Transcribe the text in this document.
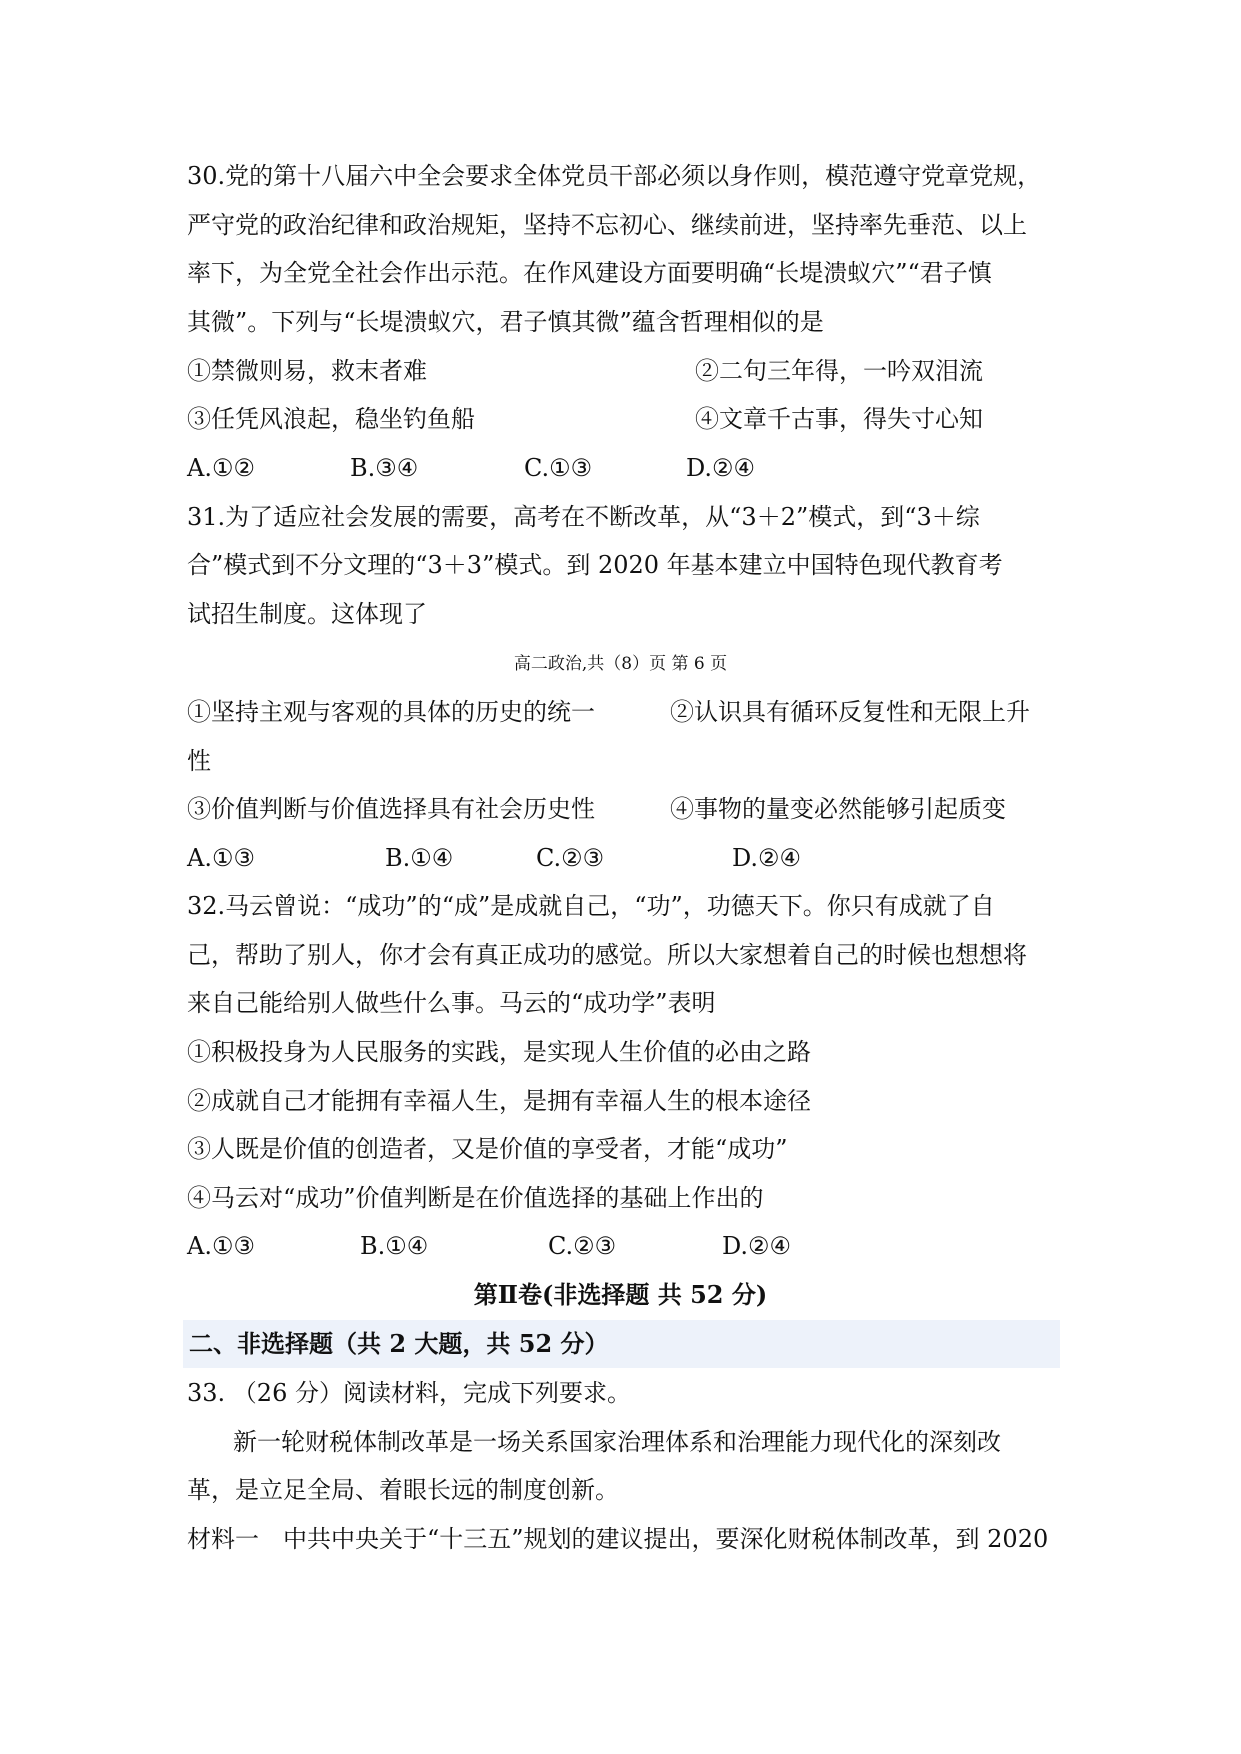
30.党的第十八届六中全会要求全体党员干部必须以身作则，模范遵守党章党规，
严守党的政治纪律和政治规矩，坚持不忘初心、继续前进，坚持率先垂范、以上
率下，为全党全社会作出示范。在作风建设方面要明确“长堤溃蚁穴”“君子慎
其微”。下列与“长堤溃蚁穴，君子慎其微”蕴含哲理相似的是
①禁微则易，救末者难	②二句三年得，一吟双泪流
③任凭风浪起，稳坐钓鱼船	④文章千古事，得失寸心知
A.①②	B.③④	C.①③	D.②④
31.为了适应社会发展的需要，高考在不断改革，从“3＋2”模式，到“3＋综
合”模式到不分文理的“3＋3”模式。到 2020 年基本建立中国特色现代教育考
试招生制度。这体现了
高二政治,共（8）页 第 6 页
①坚持主观与客观的具体的历史的统一	②认识具有循环反复性和无限上升
性
③价值判断与价值选择具有社会历史性	④事物的量变必然能够引起质变
A.①③	B.①④	C.②③	D.②④
32.马云曾说：“成功”的“成”是成就自己，“功”，功德天下。你只有成就了自
己，帮助了别人，你才会有真正成功的感觉。所以大家想着自己的时候也想想将
来自己能给别人做些什么事。马云的“成功学”表明
①积极投身为人民服务的实践，是实现人生价值的必由之路
②成就自己才能拥有幸福人生，是拥有幸福人生的根本途径
③人既是价值的创造者，又是价值的享受者，才能“成功”
④马云对“成功”价值判断是在价值选择的基础上作出的
A.①③	B.①④	C.②③	D.②④
第Ⅱ卷(非选择题 共 52 分)
二、非选择题（共 2 大题，共 52 分）
33. （26 分）阅读材料，完成下列要求。
新一轮财税体制改革是一场关系国家治理体系和治理能力现代化的深刻改
革，是立足全局、着眼长远的制度创新。
材料一　中共中央关于“十三五”规划的建议提出，要深化财税体制改革，到 2020
